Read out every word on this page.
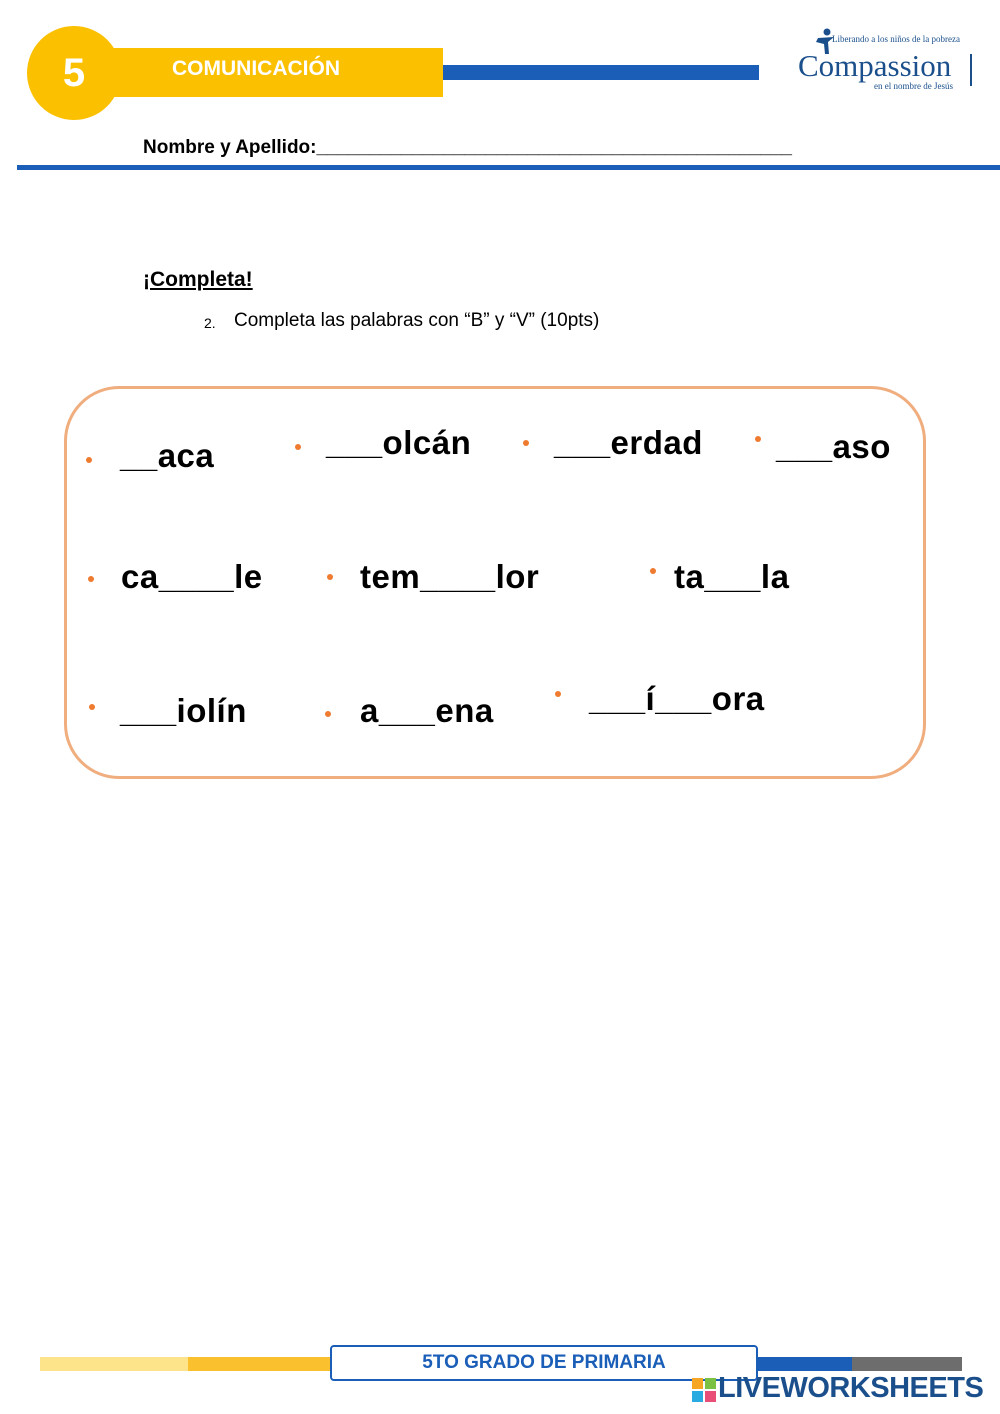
5	COMUNICACIÓN
Liberando a los niños de la pobreza
Compassion
en el nombre de Jesús
Nombre y Apellido:_____________________________________________
¡Completa!
2. Completa las palabras con “B” y “V” (10pts)
__aca	___olcán	___erdad ___aso
ca____le	tem____lor	ta___la
___iolín	a___ena	___í___ora
5TO GRADO DE PRIMARIA
LIVEWORKSHEETS
